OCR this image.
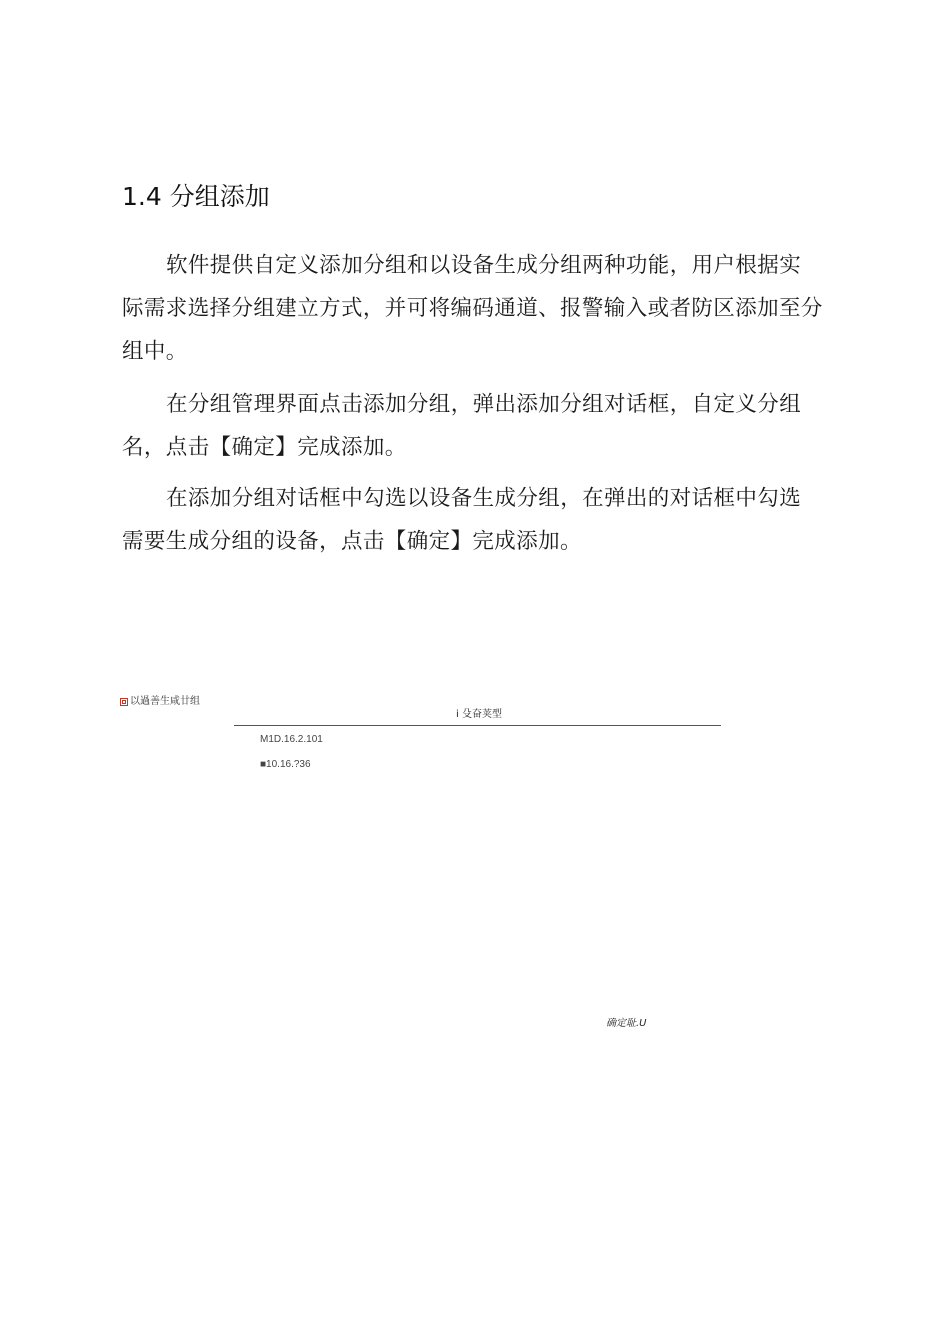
1.4 分组添加

软件提供自定义添加分组和以设备生成分组两种功能，用户根据实
际需求选择分组建立方式，并可将编码通道、报警输入或者防区添加至分
组中。

在分组管理界面点击添加分组，弹出添加分组对话框，自定义分组
名，点击【确定】完成添加。

在添加分组对话框中勾选以设备生成分组，在弹出的对话框中勾选
需要生成分组的设备，点击【确定】完成添加。

以過善生咸廿组
i 殳奋荚型
M1D.16.2.101
■10.16.?36
确定耻.U
